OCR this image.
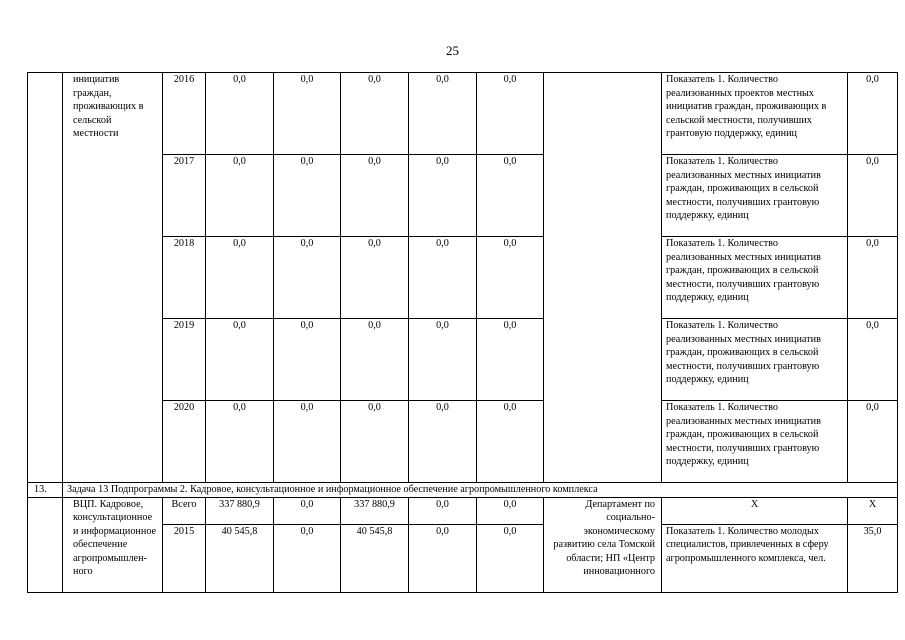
25
	инициатив граждан, проживающих в сельской местности	2016	0,0	0,0	0,0	0,0	0,0		Показатель 1. Количество реализованных проектов местных инициатив граждан, проживающих в сельской местности, получивших грантовую поддержку, единиц	0,0
		2017	0,0	0,0	0,0	0,0	0,0		Показатель 1. Количество реализованных местных инициатив граждан, проживающих в сельской местности, получивших грантовую поддержку, единиц	0,0
		2018	0,0	0,0	0,0	0,0	0,0		Показатель 1. Количество реализованных местных инициатив граждан, проживающих в сельской местности, получивших грантовую поддержку, единиц	0,0
		2019	0,0	0,0	0,0	0,0	0,0		Показатель 1. Количество реализованных местных инициатив граждан, проживающих в сельской местности, получивших грантовую поддержку, единиц	0,0
		2020	0,0	0,0	0,0	0,0	0,0		Показатель 1. Количество реализованных местных инициатив граждан, проживающих в сельской местности, получивших грантовую поддержку, единиц	0,0
13.	Задача 13 Подпрограммы 2. Кадровое, консультационное и информационное обеспечение агропромышленного комплекса									
	ВЦП. Кадровое, консультационное и информационное обеспечение агропромышленного	Всего	337 880,9	0,0	337 880,9	0,0	0,0	Департамент по социально-экономическому развитию села Томской области; НП «Центр инновационного	Х	Х
		2015	40 545,8	0,0	40 545,8	0,0	0,0		Показатель 1. Количество молодых специалистов, привлеченных в сферу агропромышленного комплекса, чел.	35,0
